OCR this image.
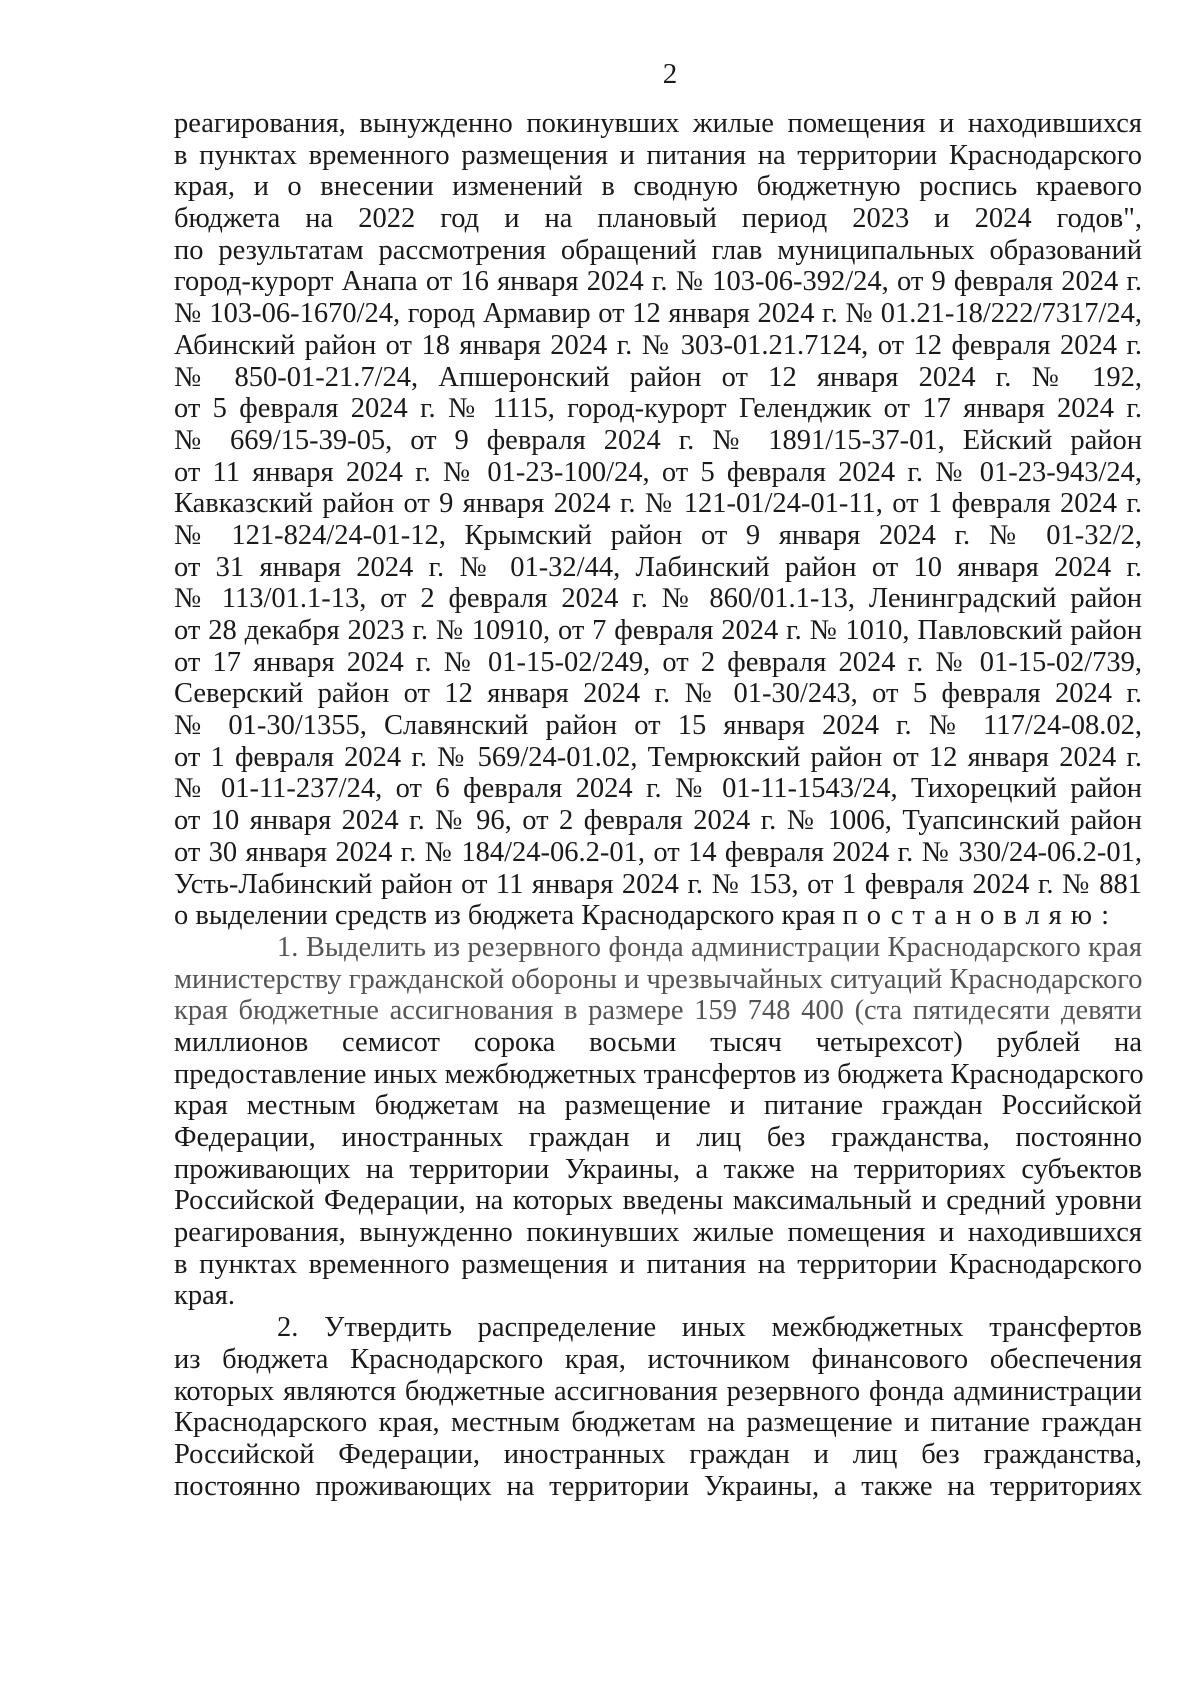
2
реагирования, вынужденно покинувших жилые помещения и находившихся
в пунктах временного размещения и питания на территории Краснодарского
края, и о внесении изменений в сводную бюджетную роспись краевого
бюджета на 2022 год и на плановый период 2023 и 2024 годов",
по результатам рассмотрения обращений глав муниципальных образований
город-курорт Анапа от 16 января 2024 г. № 103-06-392/24, от 9 февраля 2024 г.
№ 103-06-1670/24, город Армавир от 12 января 2024 г. № 01.21-18/222/7317/24,
Абинский район от 18 января 2024 г. № 303-01.21.7124, от 12 февраля 2024 г.
№ 850-01-21.7/24, Апшеронский район от 12 января 2024 г. № 192,
от 5 февраля 2024 г. № 1115, город-курорт Геленджик от 17 января 2024 г.
№ 669/15-39-05, от 9 февраля 2024 г. № 1891/15-37-01, Ейский район
от 11 января 2024 г. № 01-23-100/24, от 5 февраля 2024 г. № 01-23-943/24,
Кавказский район от 9 января 2024 г. № 121-01/24-01-11, от 1 февраля 2024 г.
№ 121-824/24-01-12, Крымский район от 9 января 2024 г. № 01-32/2,
от 31 января 2024 г. № 01-32/44, Лабинский район от 10 января 2024 г.
№ 113/01.1-13, от 2 февраля 2024 г. № 860/01.1-13, Ленинградский район
от 28 декабря 2023 г. № 10910, от 7 февраля 2024 г. № 1010, Павловский район
от 17 января 2024 г. № 01-15-02/249, от 2 февраля 2024 г. № 01-15-02/739,
Северский район от 12 января 2024 г. № 01-30/243, от 5 февраля 2024 г.
№ 01-30/1355, Славянский район от 15 января 2024 г. № 117/24-08.02,
от 1 февраля 2024 г. № 569/24-01.02, Темрюкский район от 12 января 2024 г.
№ 01-11-237/24, от 6 февраля 2024 г. № 01-11-1543/24, Тихорецкий район
от 10 января 2024 г. № 96, от 2 февраля 2024 г. № 1006, Туапсинский район
от 30 января 2024 г. № 184/24-06.2-01, от 14 февраля 2024 г. № 330/24-06.2-01,
Усть-Лабинский район от 11 января 2024 г. № 153, от 1 февраля 2024 г. № 881
о выделении средств из бюджета Краснодарского края постановляю:
1. Выделить из резервного фонда администрации Краснодарского края
министерству гражданской обороны и чрезвычайных ситуаций Краснодарского
края бюджетные ассигнования в размере 159 748 400 (ста пятидесяти девяти
миллионов семисот сорока восьми тысяч четырехсот) рублей на
предоставление иных межбюджетных трансфертов из бюджета Краснодарского
края местным бюджетам на размещение и питание граждан Российской
Федерации, иностранных граждан и лиц без гражданства, постоянно
проживающих на территории Украины, а также на территориях субъектов
Российской Федерации, на которых введены максимальный и средний уровни
реагирования, вынужденно покинувших жилые помещения и находившихся
в пунктах временного размещения и питания на территории Краснодарского
края.
2. Утвердить распределение иных межбюджетных трансфертов
из бюджета Краснодарского края, источником финансового обеспечения
которых являются бюджетные ассигнования резервного фонда администрации
Краснодарского края, местным бюджетам на размещение и питание граждан
Российской Федерации, иностранных граждан и лиц без гражданства,
постоянно проживающих на территории Украины, а также на территориях
